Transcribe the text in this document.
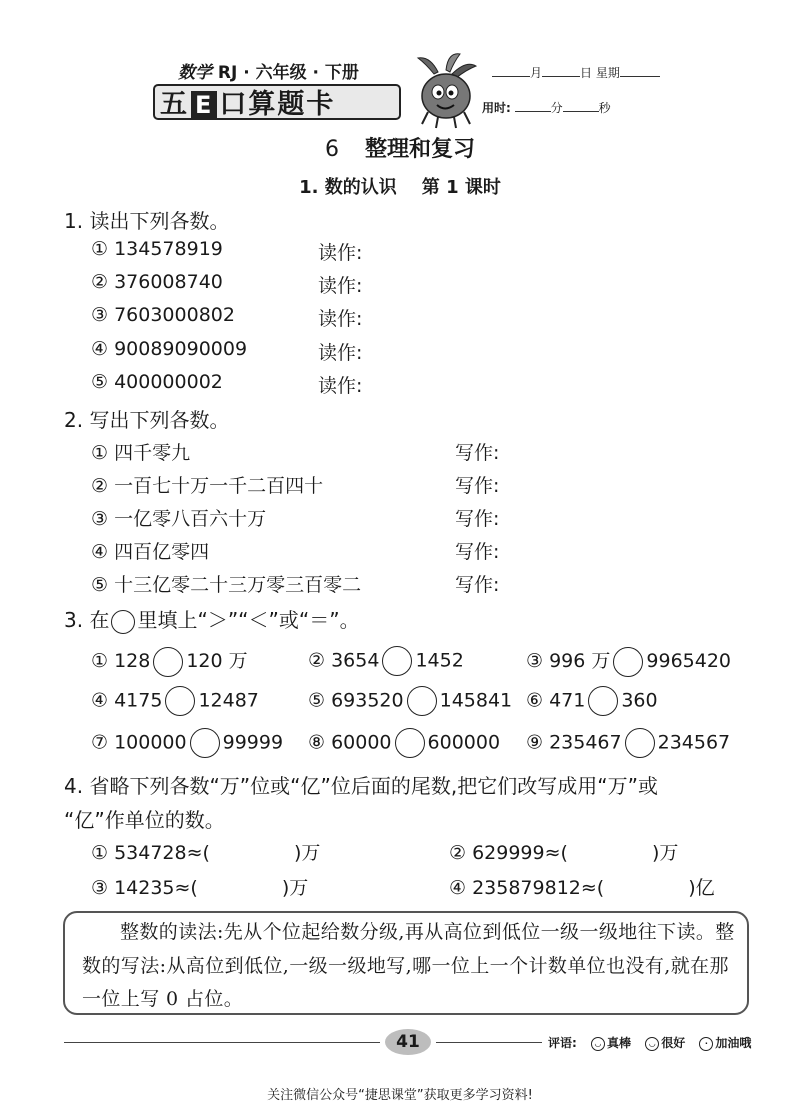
数学 RJ · 六年级 · 下册
五 E 口算题卡
月	日 星期
用时:	分	秒
6 整理和复习
1. 数的认识    第 1 课时
1. 读出下列各数。
① 134578919	读作:
② 376008740	读作:
③ 7603000802	读作:
④ 90089090009	读作:
⑤ 400000002	读作:
2. 写出下列各数。
① 四千零九	写作:
② 一百七十万一千二百四十	写作:
③ 一亿零八百六十万	写作:
④ 四百亿零四	写作:
⑤ 十三亿零二十三万零三百零二	写作:
3. 在 里填上“＞”“＜”或“＝”。
① 128 120 万	② 3654 1452	③ 996 万 9965420
④ 4175 12487	⑤ 693520 145841 ⑥ 471 360
⑦ 100000 99999 ⑧ 60000 600000 ⑨ 235467 234567
4. 省略下列各数“万”位或“亿”位后面的尾数,把它们改写成用“万”或
“亿”作单位的数。
① 534728≈(	)万	② 629999≈(	)万
③ 14235≈(	)万	④ 235879812≈(	)亿
整数的读法:先从个位起给数分级,再从高位到低位一级一级地往下读。整数的写法:从高位到低位,一级一级地写,哪一位上一个计数单位也没有,就在那一位上写 0 占位。
41	评语: ◡ 真棒 ◡ 很好 · 加油哦
关注微信公众号“捷思课堂”获取更多学习资料!
